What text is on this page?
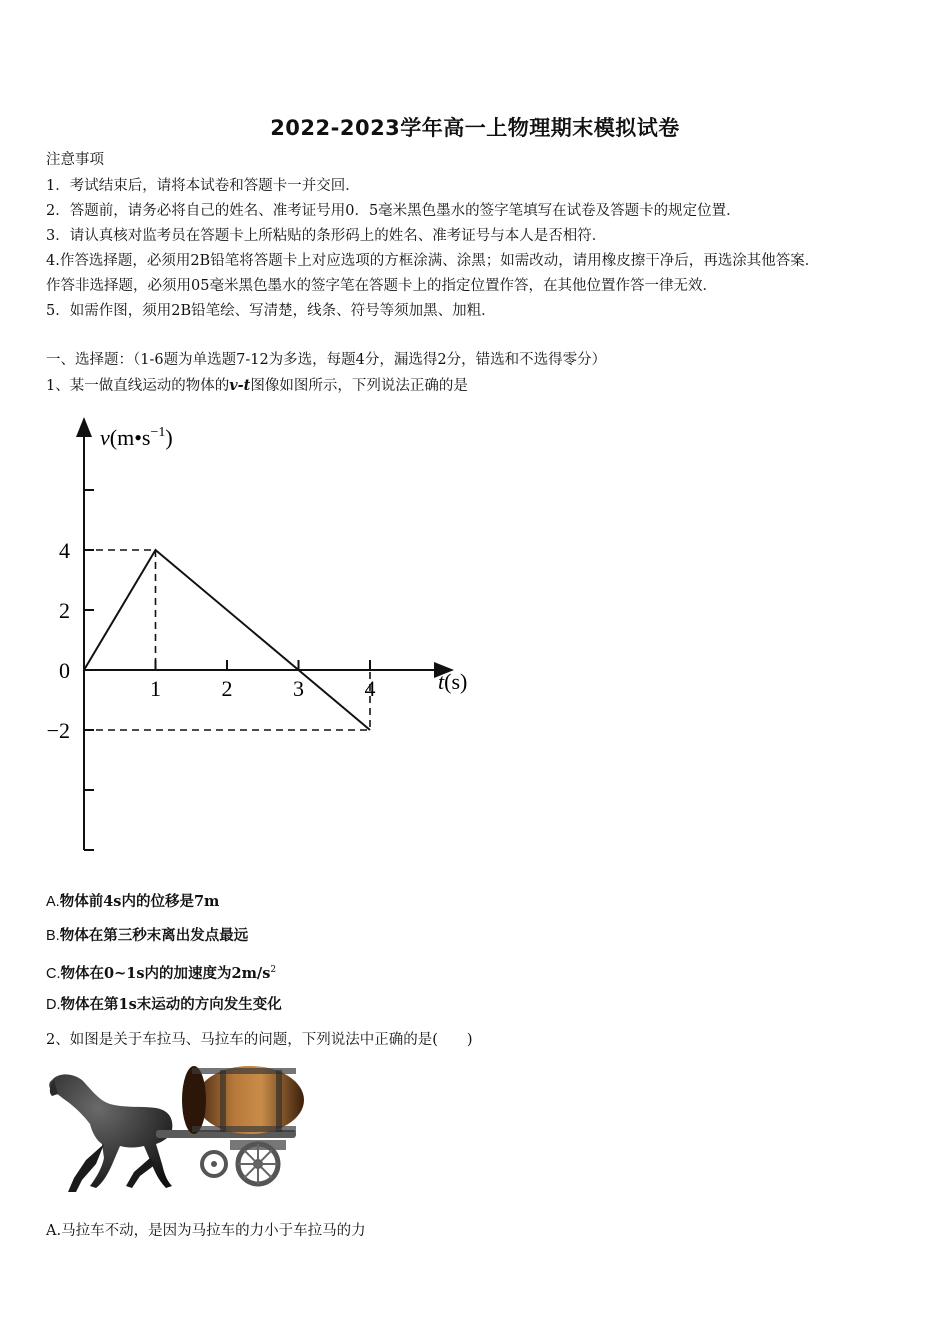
2022-2023学年高一上物理期末模拟试卷
注意事项
1．考试结束后，请将本试卷和答题卡一并交回．
2．答题前，请务必将自己的姓名、准考证号用0．5毫米黑色墨水的签字笔填写在试卷及答题卡的规定位置．
3．请认真核对监考员在答题卡上所粘贴的条形码上的姓名、准考证号与本人是否相符．
4.作答选择题，必须用2B铅笔将答题卡上对应选项的方框涂满、涂黑；如需改动，请用橡皮擦干净后，再选涂其他答案．
作答非选择题，必须用05毫米黑色墨水的签字笔在答题卡上的指定位置作答，在其他位置作答一律无效．
5．如需作图，须用2B铅笔绘、写清楚，线条、符号等须加黑、加粗．
一、选择题：（1-6题为单选题7-12为多选，每题4分，漏选得2分，错选和不选得零分）
1、某一做直线运动的物体的v-t图像如图所示，下列说法正确的是
4
2
0
−2
1	2	3	4
$v(m•s^{-1})$
t(s)
A.物体前4s内的位移是7m
B.物体在第三秒末离出发点最远
C.物体在0~1s内的加速度为$2m/s^2$
D.物体在第1s末运动的方向发生变化
2、如图是关于车拉马、马拉车的问题，下列说法中正确的是(　　)
A.马拉车不动，是因为马拉车的力小于车拉马的力
